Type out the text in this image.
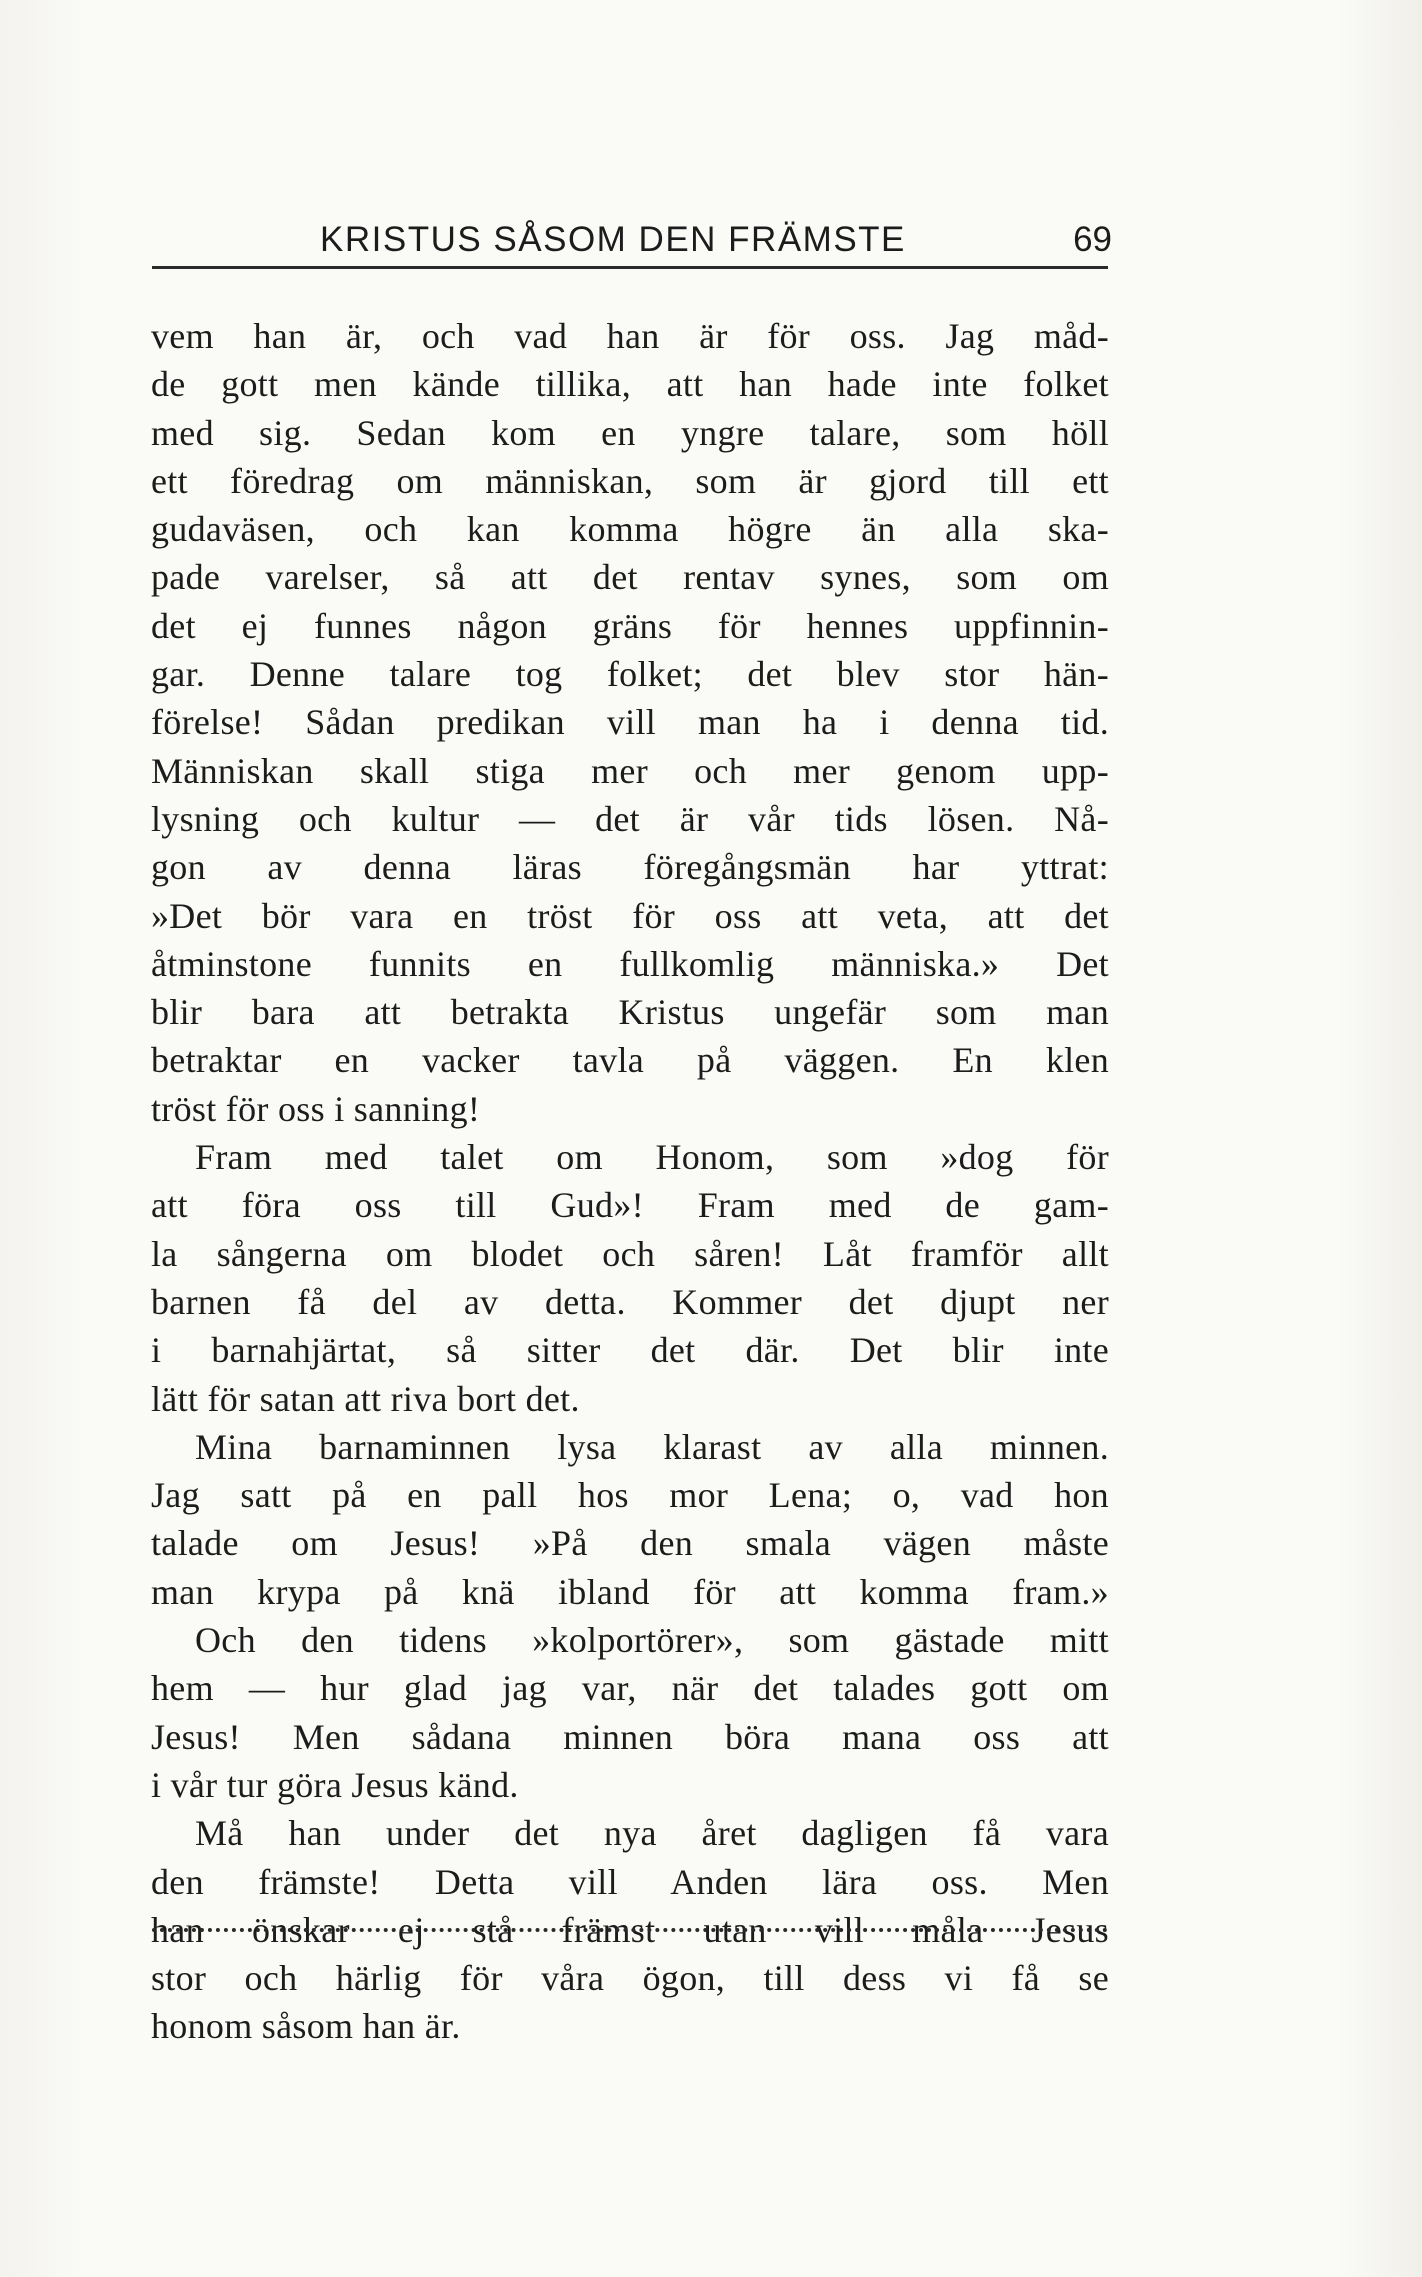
KRISTUS SÅSOM DEN FRÄMSTE	69
vem han är, och vad han är för oss. Jag måd-
de gott men kände tillika, att han hade inte folket
med sig. Sedan kom en yngre talare, som höll
ett föredrag om människan, som är gjord till ett
gudaväsen, och kan komma högre än alla ska-
pade varelser, så att det rentav synes, som om
det ej funnes någon gräns för hennes uppfinnin-
gar. Denne talare tog folket; det blev stor hän-
förelse! Sådan predikan vill man ha i denna tid.
Människan skall stiga mer och mer genom upp-
lysning och kultur — det är vår tids lösen. Nå-
gon av denna läras föregångsmän har yttrat:
»Det bör vara en tröst för oss att veta, att det
åtminstone funnits en fullkomlig människa.» Det
blir bara att betrakta Kristus ungefär som man
betraktar en vacker tavla på väggen. En klen
tröst för oss i sanning!
Fram med talet om Honom, som »dog för
att föra oss till Gud»! Fram med de gam-
la sångerna om blodet och såren! Låt framför allt
barnen få del av detta. Kommer det djupt ner
i barnahjärtat, så sitter det där. Det blir inte
lätt för satan att riva bort det.
Mina barnaminnen lysa klarast av alla minnen.
Jag satt på en pall hos mor Lena; o, vad hon
talade om Jesus! »På den smala vägen måste
man krypa på knä ibland för att komma fram.»
Och den tidens »kolportörer», som gästade mitt
hem — hur glad jag var, när det talades gott om
Jesus! Men sådana minnen böra mana oss att
i vår tur göra Jesus känd.
Må han under det nya året dagligen få vara
den främste! Detta vill Anden lära oss. Men
han önskar ej stå främst utan vill måla Jesus
stor och härlig för våra ögon, till dess vi få se
honom såsom han är.
